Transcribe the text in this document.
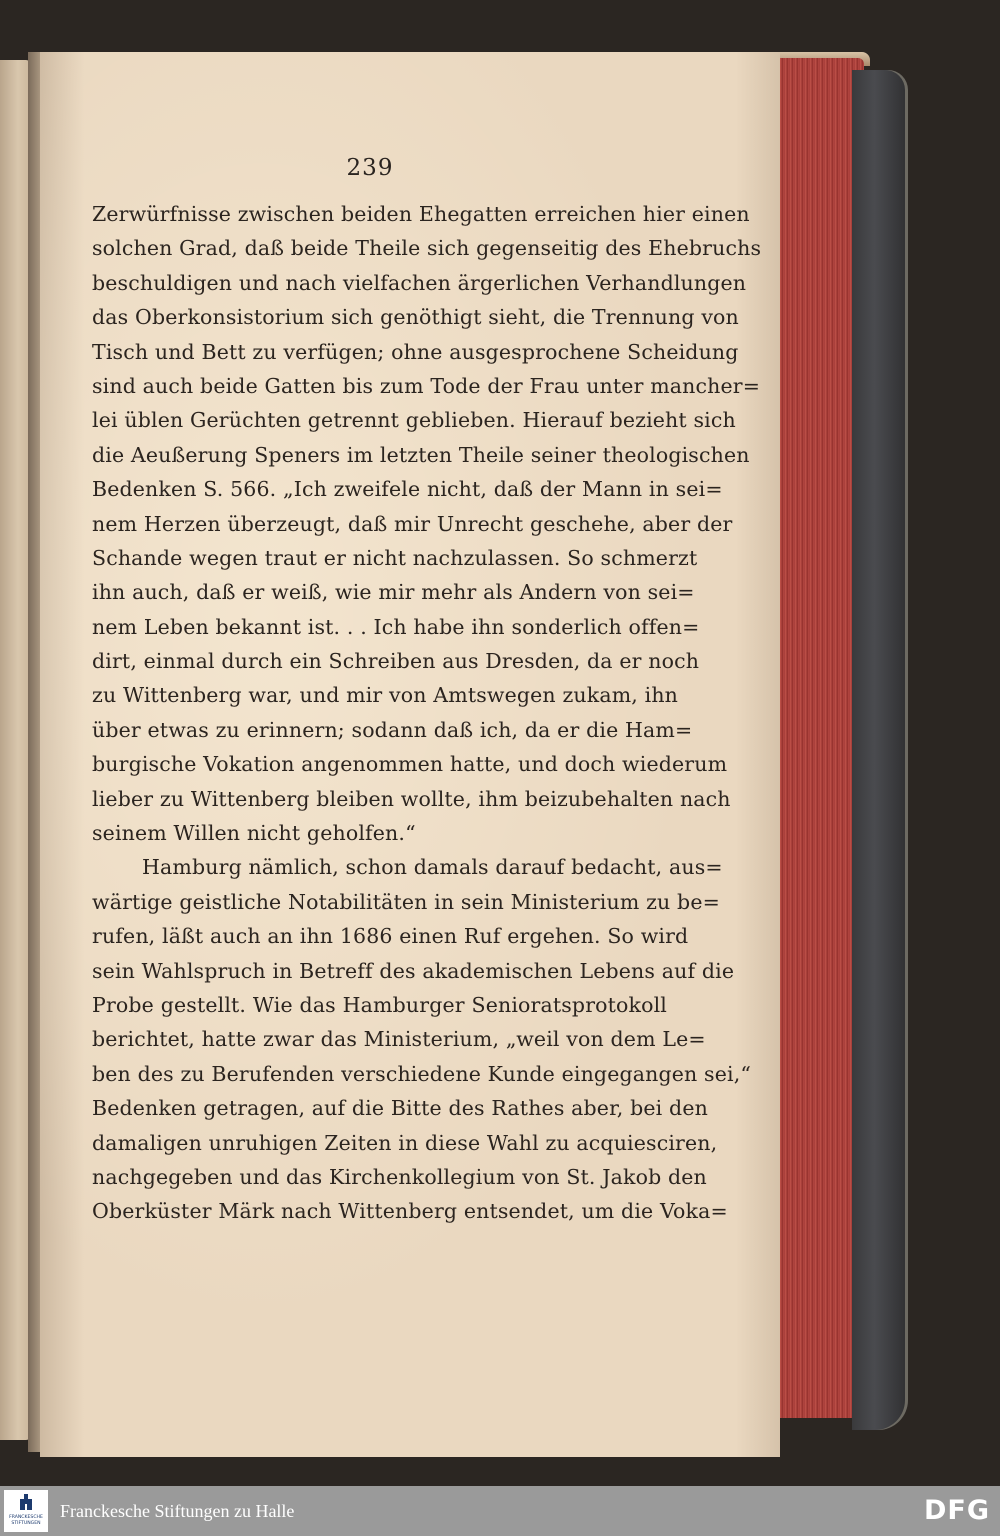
239
Zerwürfnisse zwischen beiden Ehegatten erreichen hier einen
solchen Grad, daß beide Theile sich gegenseitig des Ehebruchs
beschuldigen und nach vielfachen ärgerlichen Verhandlungen
das Oberkonsistorium sich genöthigt sieht, die Trennung von
Tisch und Bett zu verfügen; ohne ausgesprochene Scheidung
sind auch beide Gatten bis zum Tode der Frau unter mancher=
lei üblen Gerüchten getrennt geblieben. Hierauf bezieht sich
die Aeußerung Speners im letzten Theile seiner theologischen
Bedenken S. 566. „Ich zweifele nicht, daß der Mann in sei=
nem Herzen überzeugt, daß mir Unrecht geschehe, aber der
Schande wegen traut er nicht nachzulassen. So schmerzt
ihn auch, daß er weiß, wie mir mehr als Andern von sei=
nem Leben bekannt ist. . . Ich habe ihn sonderlich offen=
dirt, einmal durch ein Schreiben aus Dresden, da er noch
zu Wittenberg war, und mir von Amtswegen zukam, ihn
über etwas zu erinnern; sodann daß ich, da er die Ham=
burgische Vokation angenommen hatte, und doch wiederum
lieber zu Wittenberg bleiben wollte, ihm beizubehalten nach
seinem Willen nicht geholfen.“
Hamburg nämlich, schon damals darauf bedacht, aus=
wärtige geistliche Notabilitäten in sein Ministerium zu be=
rufen, läßt auch an ihn 1686 einen Ruf ergehen. So wird
sein Wahlspruch in Betreff des akademischen Lebens auf die
Probe gestellt. Wie das Hamburger Senioratsprotokoll
berichtet, hatte zwar das Ministerium, „weil von dem Le=
ben des zu Berufenden verschiedene Kunde eingegangen sei,“
Bedenken getragen, auf die Bitte des Rathes aber, bei den
damaligen unruhigen Zeiten in diese Wahl zu acquiesciren,
nachgegeben und das Kirchenkollegium von St. Jakob den
Oberküster Märk nach Wittenberg entsendet, um die Voka=
FRANCKESCHE
STIFTUNGEN
Franckesche Stiftungen zu Halle	DFG
